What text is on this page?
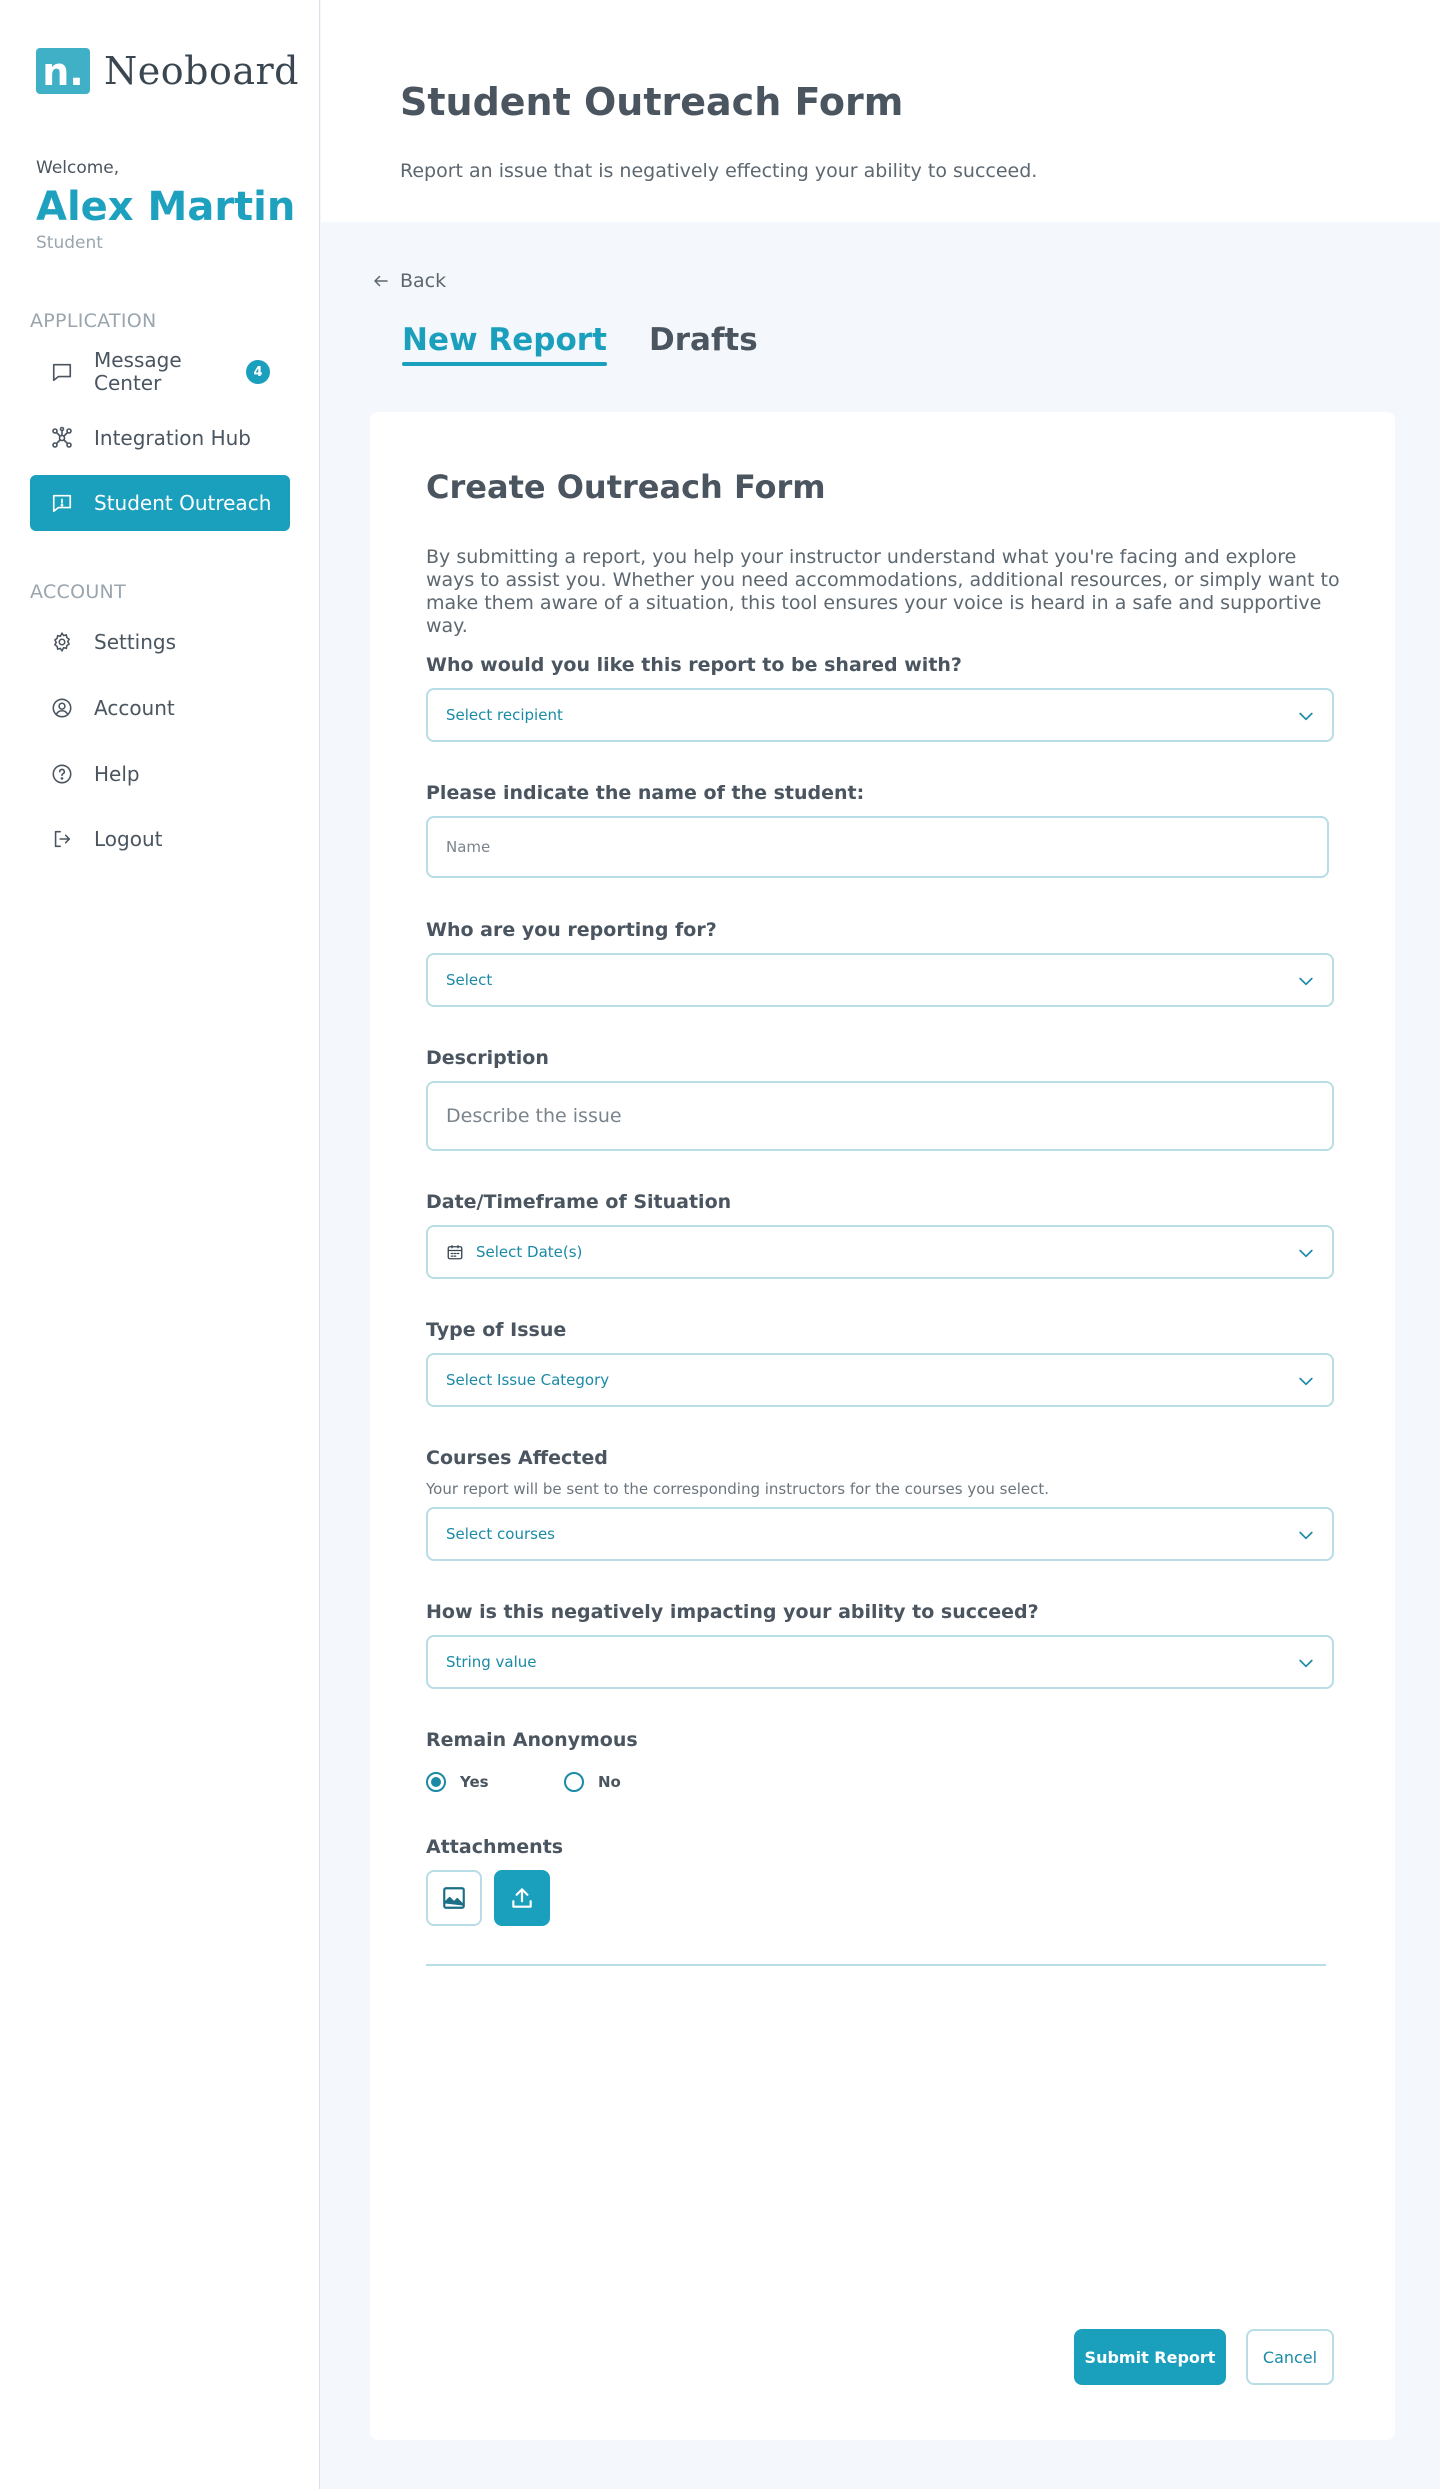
n. Neoboard
Welcome,
Alex Martin
Student
APPLICATION
Message Center	4
Integration Hub
Student Outreach
ACCOUNT
Settings
Account
Help
Logout
Student Outreach Form

Report an issue that is negatively effecting your ability to succeed.

Back
New Report Drafts
Create Outreach Form

By submitting a report, you help your instructor understand what you're facing and explore ways to assist you. Whether you need accommodations, additional resources, or simply want to make them aware of a situation, this tool ensures your voice is heard in a safe and supportive way.

Who would you like this report to be shared with?
Select recipient
Please indicate the name of the student:
Name
Who are you reporting for?
Select
Description
Describe the issue
Date/Timeframe of Situation
Select Date(s)
Type of Issue
Select Issue Category
Courses Affected
Your report will be sent to the corresponding instructors for the courses you select.
Select courses
How is this negatively impacting your ability to succeed?
String value
Remain Anonymous
Yes	No
Attachments
Submit Report	Cancel
